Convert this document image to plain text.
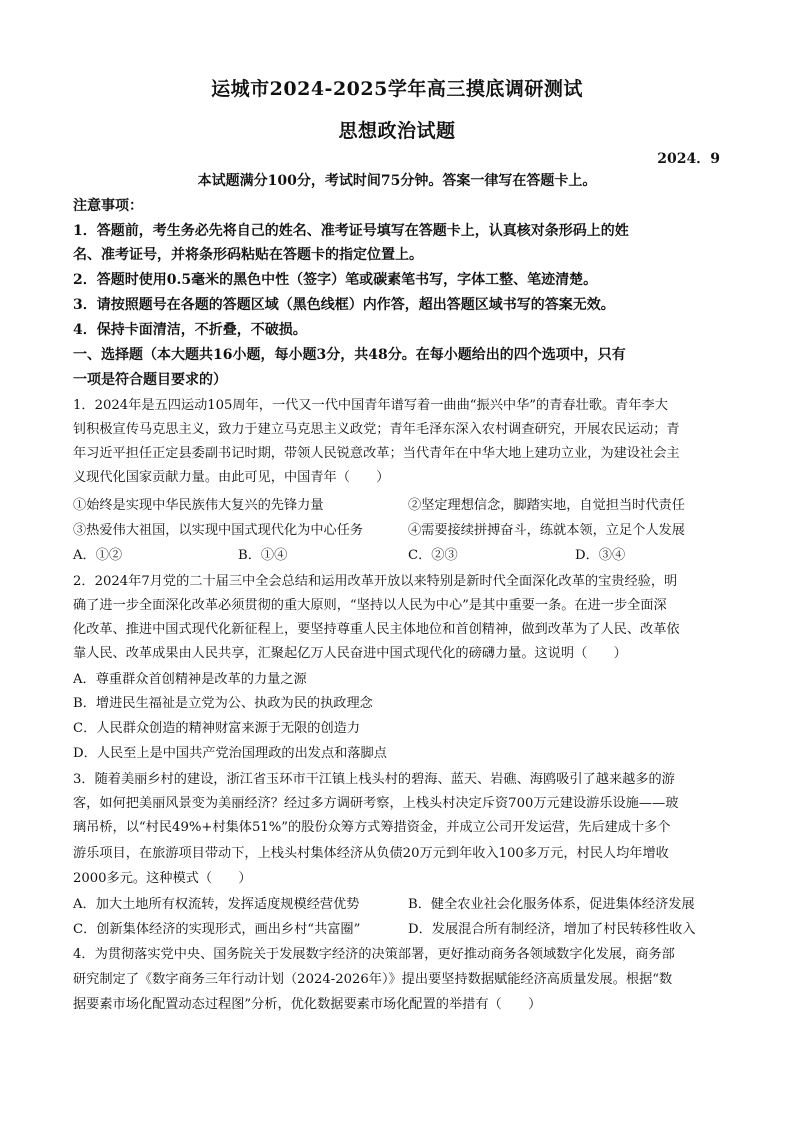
运城市2024-2025学年高三摸底调研测试
思想政治试题
2024．9
本试题满分100分，考试时间75分钟。答案一律写在答题卡上。
注意事项：
1．答题前，考生务必先将自己的姓名、准考证号填写在答题卡上，认真核对条形码上的姓
名、准考证号，并将条形码粘贴在答题卡的指定位置上。
2．答题时使用0.5毫米的黑色中性（签字）笔或碳素笔书写，字体工整、笔迹清楚。
3．请按照题号在各题的答题区域（黑色线框）内作答，超出答题区域书写的答案无效。
4．保持卡面清洁，不折叠，不破损。
一、选择题（本大题共16小题，每小题3分，共48分。在每小题给出的四个选项中，只有
一项是符合题目要求的）
1．2024年是五四运动105周年，一代又一代中国青年谱写着一曲曲“振兴中华”的青春壮歌。青年李大
钊积极宣传马克思主义，致力于建立马克思主义政党；青年毛泽东深入农村调查研究，开展农民运动；青
年习近平担任正定县委副书记时期，带领人民锐意改革；当代青年在中华大地上建功立业，为建设社会主
义现代化国家贡献力量。由此可见，中国青年（　　）
①始终是实现中华民族伟大复兴的先锋力量	②坚定理想信念，脚踏实地，自觉担当时代责任
③热爱伟大祖国，以实现中国式现代化为中心任务	④需要接续拼搏奋斗，练就本领，立足个人发展
A．①②	B．①④	C．②③	D．③④
2．2024年7月党的二十届三中全会总结和运用改革开放以来特别是新时代全面深化改革的宝贵经验，明
确了进一步全面深化改革必须贯彻的重大原则，“坚持以人民为中心”是其中重要一条。在进一步全面深
化改革、推进中国式现代化新征程上，要坚持尊重人民主体地位和首创精神，做到改革为了人民、改革依
靠人民、改革成果由人民共享，汇聚起亿万人民奋进中国式现代化的磅礴力量。这说明（　　）
A．尊重群众首创精神是改革的力量之源
B．增进民生福祉是立党为公、执政为民的执政理念
C．人民群众创造的精神财富来源于无限的创造力
D．人民至上是中国共产党治国理政的出发点和落脚点
3．随着美丽乡村的建设，浙江省玉环市干江镇上栈头村的碧海、蓝天、岩礁、海鸥吸引了越来越多的游
客，如何把美丽风景变为美丽经济？经过多方调研考察，上栈头村决定斥资700万元建设游乐设施——玻
璃吊桥，以“村民49%+村集体51%”的股份众筹方式筹措资金，并成立公司开发运营，先后建成十多个
游乐项目，在旅游项目带动下，上栈头村集体经济从负债20万元到年收入100多万元，村民人均年增收
2000多元。这种模式（　　）
A．加大土地所有权流转，发挥适度规模经营优势	B．健全农业社会化服务体系，促进集体经济发展
C．创新集体经济的实现形式，画出乡村“共富圈”	D．发展混合所有制经济，增加了村民转移性收入
4．为贯彻落实党中央、国务院关于发展数字经济的决策部署，更好推动商务各领域数字化发展，商务部
研究制定了《数字商务三年行动计划（2024-2026年）》提出要坚持数据赋能经济高质量发展。根据“数
据要素市场化配置动态过程图”分析，优化数据要素市场化配置的举措有（　　）
